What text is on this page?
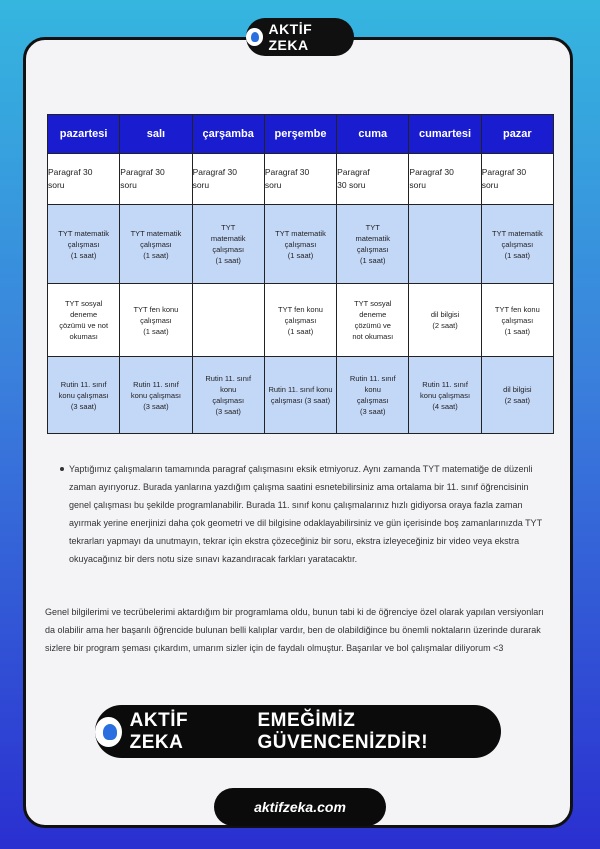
AKTİF ZEKA
pazartesi	salı	çarşamba	perşembe	cuma	cumartesi	pazar

Paragraf 30
soru	Paragraf 30
soru	Paragraf 30
soru	Paragraf 30
soru	Paragraf
30 soru	Paragraf 30
soru	Paragraf 30
soru

TYT matematik
çalışması
(1 saat)	TYT matematik
çalışması
(1 saat)	TYT
matematik
çalışması
(1 saat)	TYT matematik
çalışması
(1 saat)	TYT
matematik
çalışması
(1 saat)		TYT matematik
çalışması
(1 saat)

TYT sosyal
deneme
çözümü ve not
okuması	TYT fen konu
çalışması
(1 saat)		TYT fen konu
çalışması
(1 saat)	TYT sosyal
deneme
çözümü ve
not okuması	dil bilgisi
(2 saat)	TYT fen konu
çalışması
(1 saat)

Rutin 11. sınıf
konu çalışması
(3 saat)	Rutin 11. sınıf
konu çalışması
(3 saat)	Rutin 11. sınıf
konu
çalışması
(3 saat)	Rutin 11. sınıf konu
çalışması (3 saat)	Rutin 11. sınıf
konu
çalışması
(3 saat)	Rutin 11. sınıf
konu çalışması
(4 saat)	dil bilgisi
(2 saat)
Yaptığımız çalışmaların tamamında paragraf çalışmasını eksik etmiyoruz. Aynı zamanda TYT matematiğe de düzenli zaman ayırıyoruz. Burada yanlarına yazdığım çalışma saatini esnetebilirsiniz ama ortalama bir 11. sınıf öğrencisinin genel çalışması bu şekilde programlanabilir. Burada 11. sınıf konu çalışmalarınız hızlı gidiyorsa oraya fazla zaman ayırmak yerine enerjinizi daha çok geometri ve dil bilgisine odaklayabilirsiniz ve gün içerisinde boş zamanlarınızda TYT tekrarları yapmayı da unutmayın, tekrar için ekstra çözeceğiniz bir soru, ekstra izleyeceğiniz bir video veya ekstra okuyacağınız bir ders notu size sınavı kazandıracak farkları yaratacaktır.
Genel bilgilerimi ve tecrübelerimi aktardığım bir programlama oldu, bunun tabi ki de öğrenciye özel olarak yapılan versiyonları da olabilir ama her başarılı öğrencide bulunan belli kalıplar vardır, ben de olabildiğince bu önemli noktaların üzerinde durarak sizlere bir program şeması çıkardım, umarım sizler için de faydalı olmuştur. Başarılar ve bol çalışmalar diliyorum <3
AKTİF ZEKA
EMEĞİMİZ GÜVENCENİZDİR!
aktifzeka.com
